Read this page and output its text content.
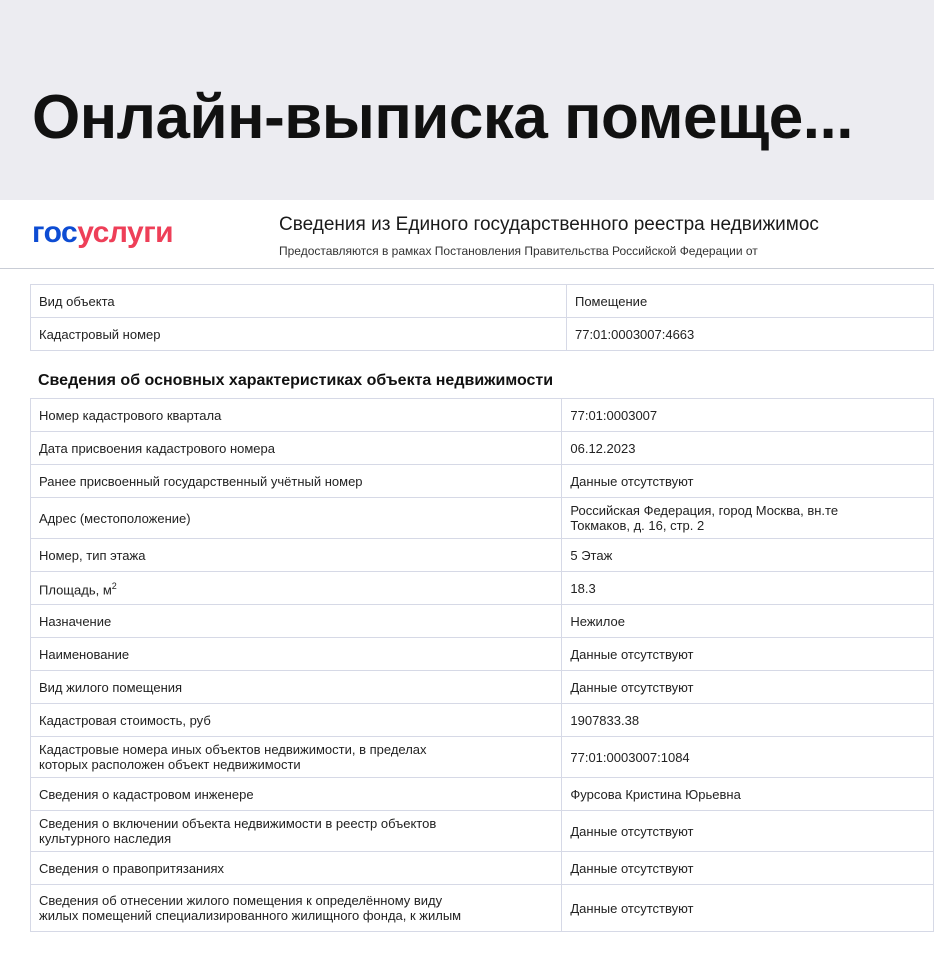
Онлайн-выписка помеще...
госуслуги	Сведения из Единого государственного реестра недвижимос
Предоставляются в рамках Постановления Правительства Российской Федерации от
Вид объекта	Помещение
Кадастровый номер	77:01:0003007:4663
Сведения об основных характеристиках объекта недвижимости
Номер кадастрового квартала	77:01:0003007
Дата присвоения кадастрового номера	06.12.2023
Ранее присвоенный государственный учётный номер	Данные отсутствуют
Адрес (местоположение)	Российская Федерация, город Москва, вн.те
Токмаков, д. 16, стр. 2

Номер, тип этажа	5 Этаж
Площадь, $м^2$	18.3
Назначение	Нежилое
Наименование	Данные отсутствуют
Вид жилого помещения	Данные отсутствуют
Кадастровая стоимость, руб	1907833.38

Кадастровые номера иных объектов недвижимости, в пределах
которых расположен объект недвижимости	77:01:0003007:1084
Сведения о кадастровом инженере	Фурсова Кристина Юрьевна

Сведения о включении объекта недвижимости в реестр объектов
культурного наследия	Данные отсутствуют
Сведения о правопритязаниях	Данные отсутствуют

Сведения об отнесении жилого помещения к определённому виду
жилых помещений специализированного жилищного фонда, к жилым	Данные отсутствуют
